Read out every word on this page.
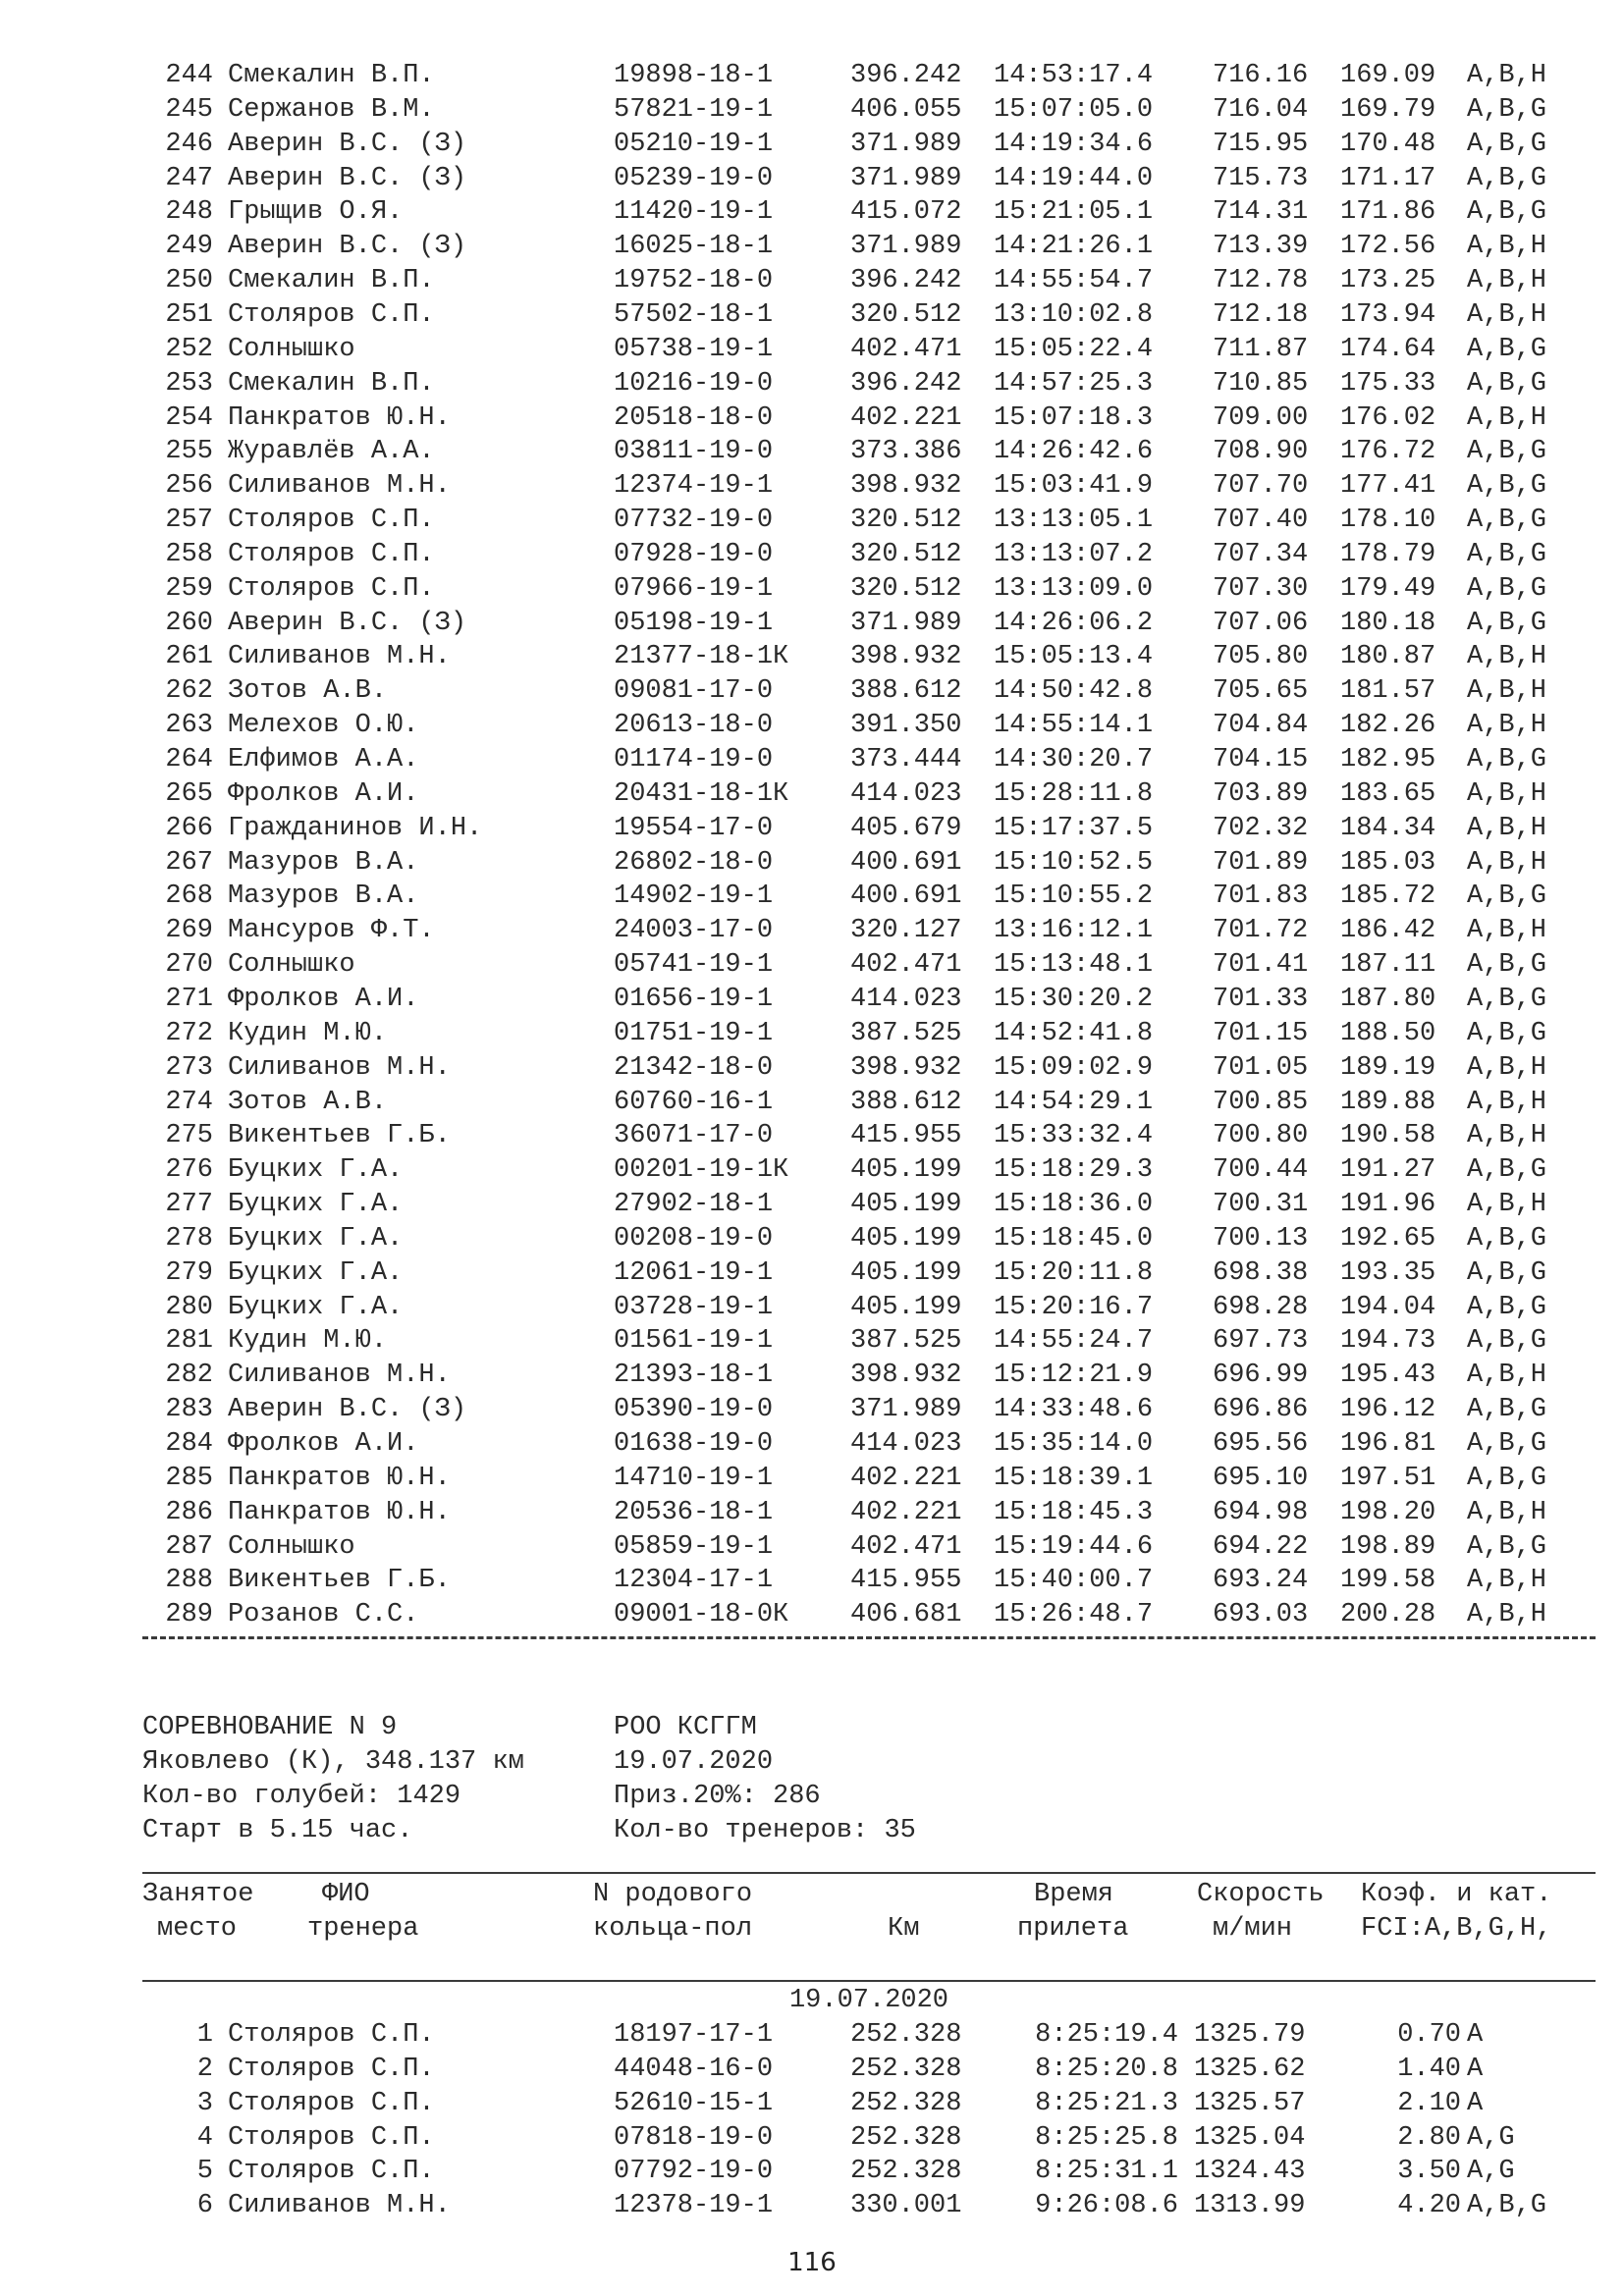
244 Смекалин В.П.	19898-18-1	396.242 14:53:17.4 716.16 169.09 A,B,H
245 Сержанов В.М.	57821-19-1	406.055 15:07:05.0 716.04 169.79 A,B,G
246 Аверин В.С. (З)	05210-19-1	371.989 14:19:34.6 715.95 170.48 A,B,G
247 Аверин В.С. (З)	05239-19-0	371.989 14:19:44.0 715.73 171.17 A,B,G
248 Грыщив О.Я.	11420-19-1	415.072 15:21:05.1 714.31 171.86 A,B,G
249 Аверин В.С. (З)	16025-18-1	371.989 14:21:26.1 713.39 172.56 A,B,H
250 Смекалин В.П.	19752-18-0	396.242 14:55:54.7 712.78 173.25 A,B,H
251 Столяров С.П.	57502-18-1	320.512 13:10:02.8 712.18 173.94 A,B,H
252 Солнышко	05738-19-1	402.471 15:05:22.4 711.87 174.64 A,B,G
253 Смекалин В.П.	10216-19-0	396.242 14:57:25.3 710.85 175.33 A,B,G
254 Панкратов Ю.Н.	20518-18-0	402.221 15:07:18.3 709.00 176.02 A,B,H
255 Журавлёв А.А.	03811-19-0	373.386 14:26:42.6 708.90 176.72 A,B,G
256 Силиванов М.Н.	12374-19-1	398.932 15:03:41.9 707.70 177.41 A,B,G
257 Столяров С.П.	07732-19-0	320.512 13:13:05.1 707.40 178.10 A,B,G
258 Столяров С.П.	07928-19-0	320.512 13:13:07.2 707.34 178.79 A,B,G
259 Столяров С.П.	07966-19-1	320.512 13:13:09.0 707.30 179.49 A,B,G
260 Аверин В.С. (З)	05198-19-1	371.989 14:26:06.2 707.06 180.18 A,B,G
261 Силиванов М.Н.	21377-18-1К 398.932 15:05:13.4 705.80 180.87 A,B,H
262 Зотов А.В.	09081-17-0	388.612 14:50:42.8 705.65 181.57 A,B,H
263 Мелехов О.Ю.	20613-18-0	391.350 14:55:14.1 704.84 182.26 A,B,H
264 Елфимов А.А.	01174-19-0	373.444 14:30:20.7 704.15 182.95 A,B,G
265 Фролков А.И.	20431-18-1К 414.023 15:28:11.8 703.89 183.65 A,B,H
266 Гражданинов И.Н.	19554-17-0	405.679 15:17:37.5 702.32 184.34 A,B,H
267 Мазуров В.А.	26802-18-0	400.691 15:10:52.5 701.89 185.03 A,B,H
268 Мазуров В.А.	14902-19-1	400.691 15:10:55.2 701.83 185.72 A,B,G
269 Мансуров Ф.Т.	24003-17-0	320.127 13:16:12.1 701.72 186.42 A,B,H
270 Солнышко	05741-19-1	402.471 15:13:48.1 701.41 187.11 A,B,G
271 Фролков А.И.	01656-19-1	414.023 15:30:20.2 701.33 187.80 A,B,G
272 Кудин М.Ю.	01751-19-1	387.525 14:52:41.8 701.15 188.50 A,B,G
273 Силиванов М.Н.	21342-18-0	398.932 15:09:02.9 701.05 189.19 A,B,H
274 Зотов А.В.	60760-16-1	388.612 14:54:29.1 700.85 189.88 A,B,H
275 Викентьев Г.Б.	36071-17-0	415.955 15:33:32.4 700.80 190.58 A,B,H
276 Буцких Г.А.	00201-19-1К 405.199 15:18:29.3 700.44 191.27 A,B,G
277 Буцких Г.А.	27902-18-1	405.199 15:18:36.0 700.31 191.96 A,B,H
278 Буцких Г.А.	00208-19-0	405.199 15:18:45.0 700.13 192.65 A,B,G
279 Буцких Г.А.	12061-19-1	405.199 15:20:11.8 698.38 193.35 A,B,G
280 Буцких Г.А.	03728-19-1	405.199 15:20:16.7 698.28 194.04 A,B,G
281 Кудин М.Ю.	01561-19-1	387.525 14:55:24.7 697.73 194.73 A,B,G
282 Силиванов М.Н.	21393-18-1	398.932 15:12:21.9 696.99 195.43 A,B,H
283 Аверин В.С. (З)	05390-19-0	371.989 14:33:48.6 696.86 196.12 A,B,G
284 Фролков А.И.	01638-19-0	414.023 15:35:14.0 695.56 196.81 A,B,G
285 Панкратов Ю.Н.	14710-19-1	402.221 15:18:39.1 695.10 197.51 A,B,G
286 Панкратов Ю.Н.	20536-18-1	402.221 15:18:45.3 694.98 198.20 A,B,H
287 Солнышко	05859-19-1	402.471 15:19:44.6 694.22 198.89 A,B,G
288 Викентьев Г.Б.	12304-17-1	415.955 15:40:00.7 693.24 199.58 A,B,H
289 Розанов С.С.	09001-18-0К 406.681 15:26:48.7 693.03 200.28 A,B,H
СОРЕВНОВАНИЕ N 9	РОО КСГГМ
Яковлево (К), 348.137 км	19.07.2020
Кол-во голубей: 1429	Приз.20%: 286
Старт в 5.15 час.	Кол-во тренеров: 35
Занятое
место
ФИО
тренера
N родового
кольца-пол	Км
Время
прилета
Скорость
м/мин
Коэф. и кат.
FCI:A,B,G,H,
19.07.2020
1 Столяров С.П.	18197-17-1	252.328	8:25:19.4 1325.79	0.70 A
2 Столяров С.П.	44048-16-0	252.328	8:25:20.8 1325.62	1.40 A
3 Столяров С.П.	52610-15-1	252.328	8:25:21.3 1325.57	2.10 A
4 Столяров С.П.	07818-19-0	252.328	8:25:25.8 1325.04	2.80 A,G
5 Столяров С.П.	07792-19-0	252.328	8:25:31.1 1324.43	3.50 A,G
6 Силиванов М.Н.	12378-19-1	330.001	9:26:08.6 1313.99	4.20 A,B,G
116
